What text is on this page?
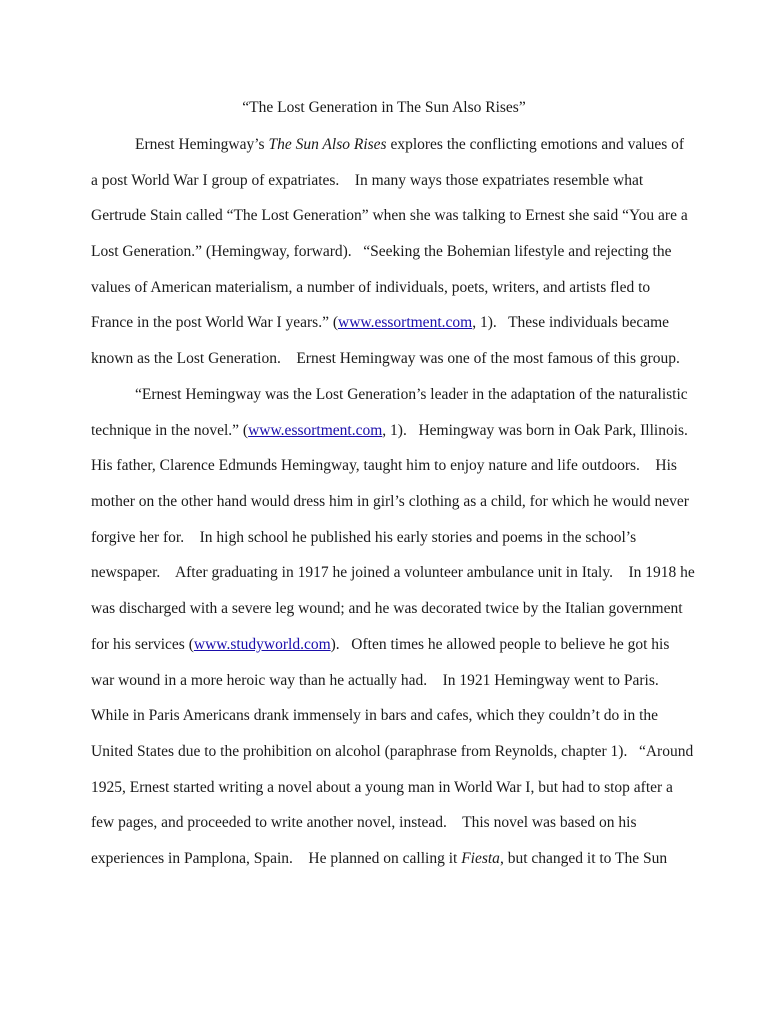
“The Lost Generation in The Sun Also Rises”

Ernest Hemingway’s The Sun Also Rises explores the conflicting emotions and values of

a post World War I group of expatriates.    In many ways those expatriates resemble what

Gertrude Stain called “The Lost Generation” when she was talking to Ernest she said “You are a

Lost Generation.” (Hemingway, forward).   “Seeking the Bohemian lifestyle and rejecting the

values of American materialism, a number of individuals, poets, writers, and artists fled to

France in the post World War I years.” (www.essortment.com, 1).   These individuals became

known as the Lost Generation.    Ernest Hemingway was one of the most famous of this group.

“Ernest Hemingway was the Lost Generation’s leader in the adaptation of the naturalistic

technique in the novel.” (www.essortment.com, 1).   Hemingway was born in Oak Park, Illinois.

His father, Clarence Edmunds Hemingway, taught him to enjoy nature and life outdoors.    His

mother on the other hand would dress him in girl’s clothing as a child, for which he would never

forgive her for.    In high school he published his early stories and poems in the school’s

newspaper.    After graduating in 1917 he joined a volunteer ambulance unit in Italy.    In 1918 he

was discharged with a severe leg wound; and he was decorated twice by the Italian government

for his services (www.studyworld.com).   Often times he allowed people to believe he got his

war wound in a more heroic way than he actually had.    In 1921 Hemingway went to Paris.

While in Paris Americans drank immensely in bars and cafes, which they couldn’t do in the

United States due to the prohibition on alcohol (paraphrase from Reynolds, chapter 1).   “Around

1925, Ernest started writing a novel about a young man in World War I, but had to stop after a

few pages, and proceeded to write another novel, instead.    This novel was based on his

experiences in Pamplona, Spain.    He planned on calling it Fiesta, but changed it to The Sun
